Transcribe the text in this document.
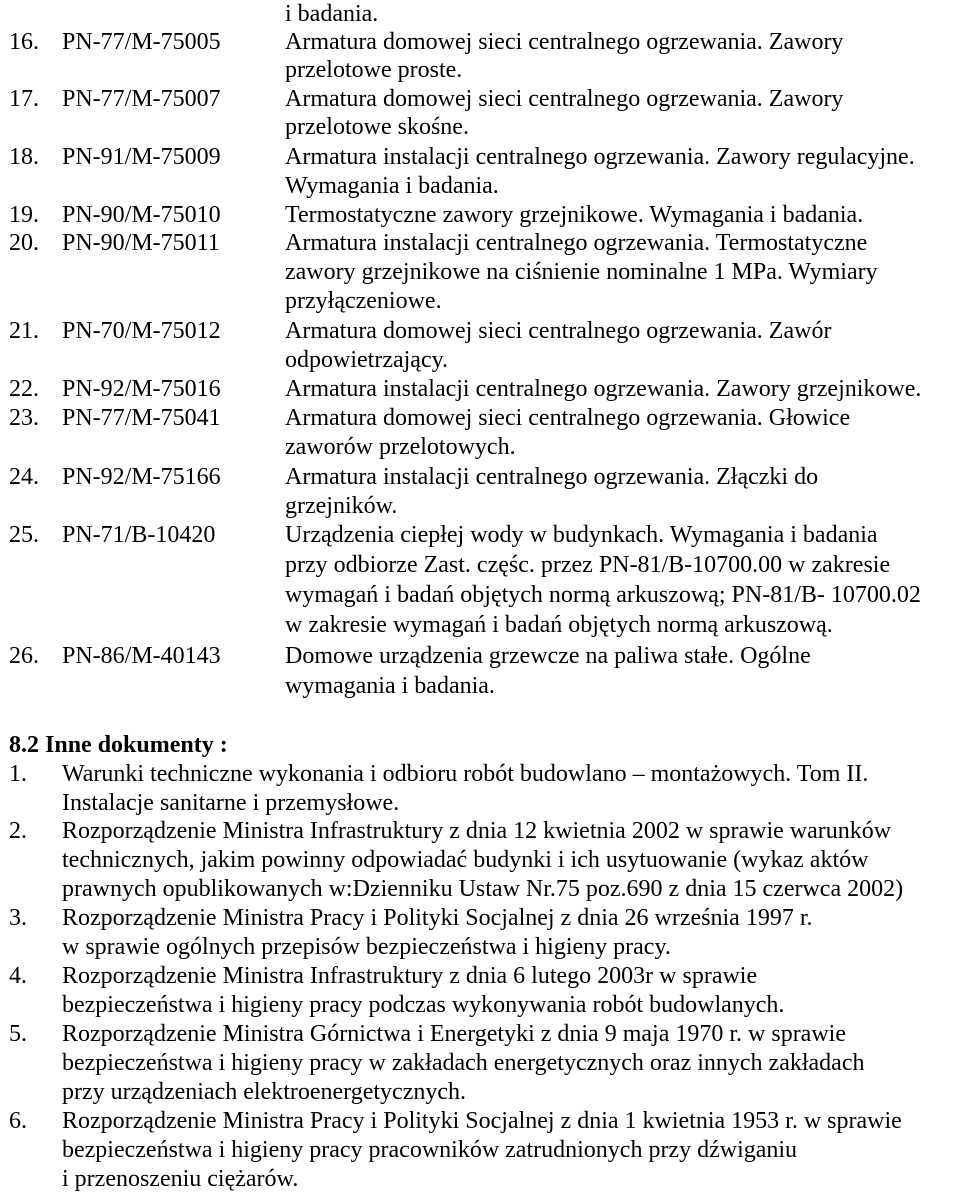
i badania.
16. PN-77/M-75005	Armatura domowej sieci centralnego ogrzewania. Zawory
przelotowe proste.
17. PN-77/M-75007	Armatura domowej sieci centralnego ogrzewania. Zawory
przelotowe skośne.
18. PN-91/M-75009	Armatura instalacji centralnego ogrzewania. Zawory regulacyjne.
Wymagania i badania.
19. PN-90/M-75010	Termostatyczne zawory grzejnikowe. Wymagania i badania.
20. PN-90/M-75011	Armatura instalacji centralnego ogrzewania. Termostatyczne
zawory grzejnikowe na ciśnienie nominalne 1 MPa. Wymiary
przyłączeniowe.
21. PN-70/M-75012	Armatura domowej sieci centralnego ogrzewania. Zawór
odpowietrzający.
22. PN-92/M-75016	Armatura instalacji centralnego ogrzewania. Zawory grzejnikowe.
23. PN-77/M-75041	Armatura domowej sieci centralnego ogrzewania. Głowice
zaworów przelotowych.
24. PN-92/M-75166	Armatura instalacji centralnego ogrzewania. Złączki do
grzejników.
25. PN-71/B-10420	Urządzenia ciepłej wody w budynkach. Wymagania i badania
przy odbiorze Zast. częśc. przez PN-81/B-10700.00 w zakresie
wymagań i badań objętych normą arkuszową; PN-81/B- 10700.02
w zakresie wymagań i badań objętych normą arkuszową.
26. PN-86/M-40143	Domowe urządzenia grzewcze na paliwa stałe. Ogólne
wymagania i badania.
8.2 Inne dokumenty :
1. Warunki techniczne wykonania i odbioru robót budowlano – montażowych. Tom II.
Instalacje sanitarne i przemysłowe.
2. Rozporządzenie Ministra Infrastruktury z dnia 12 kwietnia 2002 w sprawie warunków
technicznych, jakim powinny odpowiadać budynki i ich usytuowanie (wykaz aktów
prawnych opublikowanych w:Dzienniku Ustaw Nr.75 poz.690 z dnia 15 czerwca 2002)
3. Rozporządzenie Ministra Pracy i Polityki Socjalnej z dnia 26 września 1997 r.
w sprawie ogólnych przepisów bezpieczeństwa i higieny pracy.
4. Rozporządzenie Ministra Infrastruktury z dnia 6 lutego 2003r w sprawie
bezpieczeństwa i higieny pracy podczas wykonywania robót budowlanych.
5. Rozporządzenie Ministra Górnictwa i Energetyki z dnia 9 maja 1970 r. w sprawie
bezpieczeństwa i higieny pracy w zakładach energetycznych oraz innych zakładach
przy urządzeniach elektroenergetycznych.
6. Rozporządzenie Ministra Pracy i Polityki Socjalnej z dnia 1 kwietnia 1953 r. w sprawie
bezpieczeństwa i higieny pracy pracowników zatrudnionych przy dźwiganiu
i przenoszeniu ciężarów.
